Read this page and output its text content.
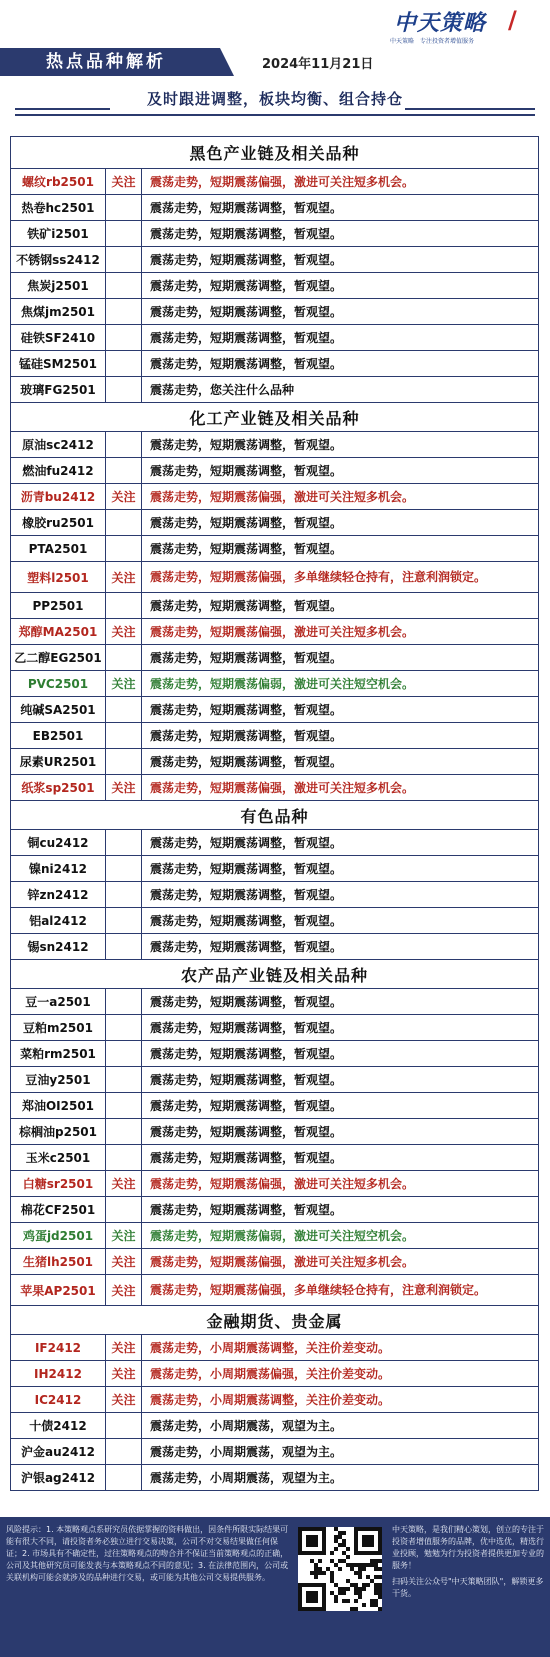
中天策略 /
中天策略　专注投资者增值服务
热点品种解析	2024年11月21日
及时跟进调整，板块均衡、组合持仓
黑色产业链及相关品种		
螺纹rb2501	关注	震荡走势，短期震荡偏强，激进可关注短多机会。
热卷hc2501		震荡走势，短期震荡调整，暂观望。
铁矿i2501		震荡走势，短期震荡调整，暂观望。
不锈钢ss2412		震荡走势，短期震荡调整，暂观望。
焦炭j2501		震荡走势，短期震荡调整，暂观望。
焦煤jm2501		震荡走势，短期震荡调整，暂观望。
硅铁SF2410		震荡走势，短期震荡调整，暂观望。
锰硅SM2501		震荡走势，短期震荡调整，暂观望。
玻璃FG2501		震荡走势，您关注什么品种
化工产业链及相关品种		
原油sc2412		震荡走势，短期震荡调整，暂观望。
燃油fu2412		震荡走势，短期震荡调整，暂观望。
沥青bu2412	关注	震荡走势，短期震荡偏强，激进可关注短多机会。
橡胶ru2501		震荡走势，短期震荡调整，暂观望。
PTA2501		震荡走势，短期震荡调整，暂观望。
塑料l2501	关注	震荡走势，短期震荡偏强，多单继续轻仓持有，注意利润锁定。
PP2501		震荡走势，短期震荡调整，暂观望。
郑醇MA2501	关注	震荡走势，短期震荡偏强，激进可关注短多机会。
乙二醇EG2501		震荡走势，短期震荡调整，暂观望。
PVC2501	关注	震荡走势，短期震荡偏弱，激进可关注短空机会。
纯碱SA2501		震荡走势，短期震荡调整，暂观望。
EB2501		震荡走势，短期震荡调整，暂观望。
尿素UR2501		震荡走势，短期震荡调整，暂观望。
纸浆sp2501	关注	震荡走势，短期震荡偏强，激进可关注短多机会。
有色品种		
铜cu2412		震荡走势，短期震荡调整，暂观望。
镍ni2412		震荡走势，短期震荡调整，暂观望。
锌zn2412		震荡走势，短期震荡调整，暂观望。
铝al2412		震荡走势，短期震荡调整，暂观望。
锡sn2412		震荡走势，短期震荡调整，暂观望。
农产品产业链及相关品种		
豆一a2501		震荡走势，短期震荡调整，暂观望。
豆粕m2501		震荡走势，短期震荡调整，暂观望。
菜粕rm2501		震荡走势，短期震荡调整，暂观望。
豆油y2501		震荡走势，短期震荡调整，暂观望。
郑油OI2501		震荡走势，短期震荡调整，暂观望。
棕榈油p2501		震荡走势，短期震荡调整，暂观望。
玉米c2501		震荡走势，短期震荡调整，暂观望。
白糖sr2501	关注	震荡走势，短期震荡偏强，激进可关注短多机会。
棉花CF2501		震荡走势，短期震荡调整，暂观望。
鸡蛋jd2501	关注	震荡走势，短期震荡偏弱，激进可关注短空机会。
生猪lh2501	关注	震荡走势，短期震荡偏强，激进可关注短多机会。
苹果AP2501	关注	震荡走势，短期震荡偏强，多单继续轻仓持有，注意利润锁定。
金融期货、贵金属		
IF2412	关注	震荡走势，小周期震荡调整，关注价差变动。
IH2412	关注	震荡走势，小周期震荡偏强，关注价差变动。
IC2412	关注	震荡走势，小周期震荡调整，关注价差变动。
十债2412		震荡走势，小周期震荡，观望为主。
沪金au2412		震荡走势，小周期震荡，观望为主。
沪银ag2412		震荡走势，小周期震荡，观望为主。
风险提示：1. 本策略观点系研究员依据掌握的资料做出，因条件所限实际结果可能有很大不同，请投资者务必独立进行交易决策，公司不对交易结果做任何保证；2. 市场具有不确定性，过往策略观点的吻合并不保证当前策略观点的正确，公司及其他研究员可能发表与本策略观点不同的意见；3. 在法律范围内，公司或关联机构可能会就涉及的品种进行交易，或可能为其他公司交易提供服务。
中天策略，是我们精心策划，创立的专注于投资者增值服务的品牌，优中选优，精选行业投顾，勉勉为行为投资者提供更加专业的服务！
扫码关注公众号"中天策略团队"，解锁更多干货。
